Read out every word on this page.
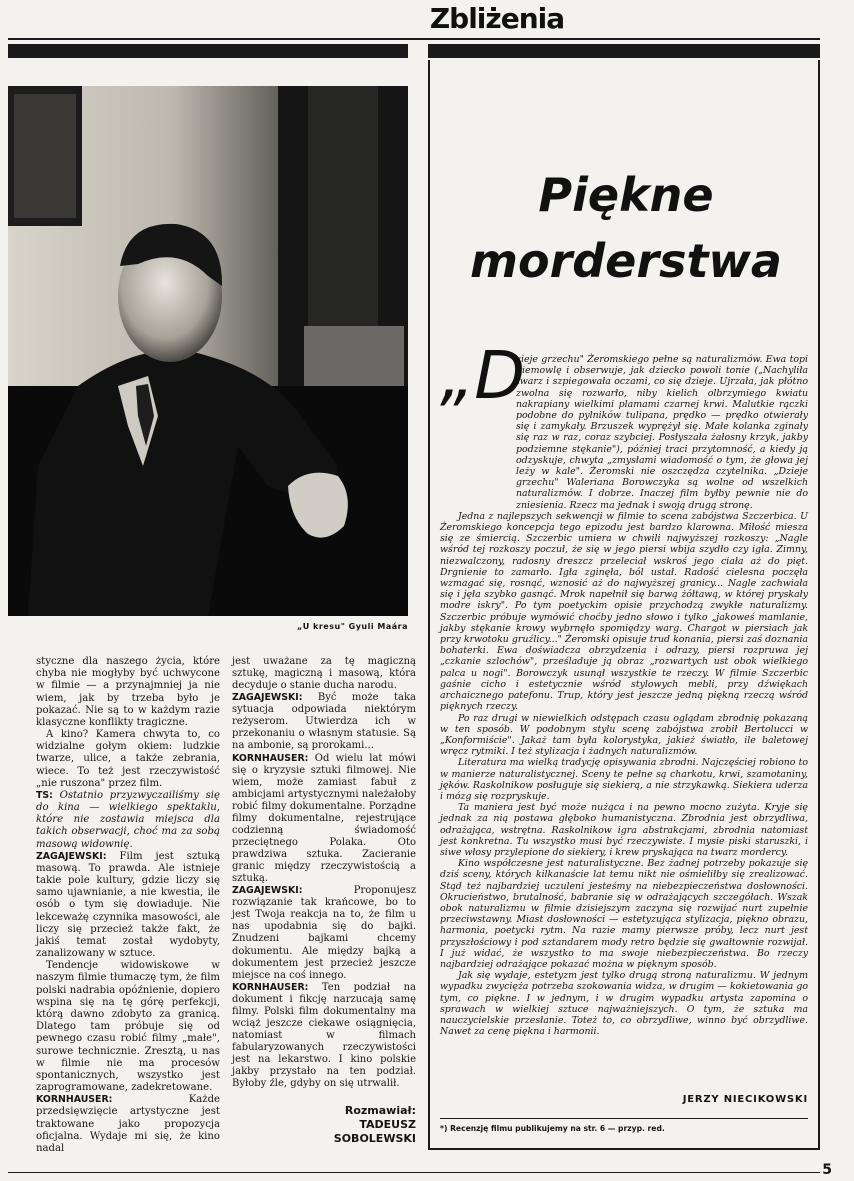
Zbliżenia
„U kresu" Gyuli Maára

styczne dla naszego życia, które chyba nie mogłyby być uchwycone w filmie — a przynajmniej ja nie wiem, jak by trzeba było je pokazać. Nie są to w każdym razie klasyczne konflikty tragiczne.

A kino? Kamera chwyta to, co widzialne gołym okiem: ludzkie twarze, ulice, a także zebrania, wiece. To też jest rzeczywistość „nie ruszona" przez film.

TS: Ostatnio przyzwyczailiśmy się do kina — wielkiego spektaklu, które nie zostawia miejsca dla takich obserwacji, choć ma za sobą masową widownię.

ZAGAJEWSKI: Film jest sztuką masową. To prawda. Ale istnieje takie pole kultury, gdzie liczy się samo ujawnianie, a nie kwestia, ile osób o tym się dowiaduje. Nie lekceważę czynnika masowości, ale liczy się przecież także fakt, że jakiś temat został wydobyty, zanalizowany w sztuce.

Tendencje widowiskowe w naszym filmie tłumaczę tym, że film polski nadrabia opóźnienie, dopiero wspina się na tę górę perfekcji, którą dawno zdobyto za granicą. Dlatego tam próbuje się od pewnego czasu robić filmy „małe", surowe technicznie. Zresztą, u nas w filmie nie ma procesów spontanicznych, wszystko jest zaprogramowane, zadekretowane.

KORNHAUSER:	Każde przedsięwzięcie artystyczne jest traktowane jako propozycja oficjalna. Wydaje mi się, że kino nadal

jest uważane za tę magiczną sztukę, magiczną i masową, która decyduje o stanie ducha narodu.

ZAGAJEWSKI: Być może taka sytuacja odpowiada niektórym reżyserom. Utwierdza ich w przekonaniu o własnym statusie. Są na ambonie, są prorokami...

KORNHAUSER: Od wielu lat mówi się o kryzysie sztuki filmowej. Nie wiem, może zamiast fabuł z ambicjami artystycznymi należałoby robić filmy dokumentalne. Porządne filmy dokumentalne, rejestrujące codzienną świadomość przeciętnego Polaka. Oto prawdziwa sztuka. Zacieranie granic między rzeczywistością a sztuką.

ZAGAJEWSKI:	Proponujesz rozwiązanie tak krańcowe, bo to jest Twoja reakcja na to, że film u nas upodabnia się do bajki. Znudzeni bajkami chcemy dokumentu. Ale między bajką a dokumentem jest przecież jeszcze miejsce na coś innego.

KORNHAUSER: Ten podział na dokument i fikcję narzucają samę filmy. Polski film dokumentalny ma wciąż jeszcze ciekawe osiągnięcia, natomiast w filmach fabularyzowanych rzeczywistości jest na lekarstwo. I kino polskie jakby przystało na ten podział. Byłoby źle, gdyby on się utrwalił.

Rozmawiał:
TADEUSZ SOBOLEWSKI
Piękne
morderstwa
„D

zieje grzechu" Żeromskiego pełne są naturalizmów. Ewa topi niemowlę i obserwuje, jak dziecko powoli tonie („Nachyliła twarz i szpiegowała oczami, co się dzieje. Ujrzała, jak płótno zwolna się rozwarło, niby kielich olbrzymiego kwiatu nakrapiany wielkimi plamami czarnej krwi. Malutkie rączki podobne do pylników tulipana, prędko — prędko otwierały się i zamykały. Brzuszek wyprężył się. Małe kolanka zginały się raz w raz, coraz szybciej. Posłyszała żałosny krzyk, jakby podziemne stękanie"), później traci przytomność, a kiedy ją odzyskuje, chwyta „zmysłami wiadomość o tym, że głowa jej leży w kale". Żeromski nie oszczędza czytelnika. „Dzieje grzechu" Waleriana Borowczyka są wolne od wszelkich naturalizmów. I dobrze. Inaczej film byłby pewnie nie do zniesienia. Rzecz ma jednak i swoją drugą stronę.

Jedna z najlepszych sekwencji w filmie to scena zabójstwa Szczerbica. U Żeromskiego koncepcja tego epizodu jest bardzo klarowna. Miłość miesza się ze śmiercią. Szczerbic umiera w chwili najwyższej rozkoszy: „Nagle wśród tej rozkoszy poczuł, że się w jego piersi wbija szydło czy igła. Zimny, niezwalczony, radosny dreszcz przeleciał wskroś jego ciała aż do pięt. Drgnienie to zamarło. Igła zginęła, ból ustał. Radość cielesna poczęła wzmagać się, rosnąć, wznosić aż do najwyższej granicy... Nagle zachwiała się i jęła szybko gasnąć. Mrok napełnił się barwą żółtawą, w której pryskały modre iskry". Po tym poetyckim opisie przychodzą zwykłe naturalizmy. Szczerbic próbuje wymówić choćby jedno słowo i tylko „jakoweś mamlanie, jakby stękanie krowy wybrnęło spomiędzy warg. Chargot w piersiach jak przy krwotoku gruźlicy..." Żeromski opisuje trud konania, piersi zaś doznania bohaterki. Ewa doświadcza obrzydzenia i odrazy, piersi rozpruwa jej „czkanie szlochów", prześladuje ją obraz „rozwartych ust obok wielkiego palca u nogi". Borowczyk usunął wszystkie te rzeczy. W filmie Szczerbic gaśnie cicho i estetycznie wśród stylowych mebli, przy dźwiękach archaicznego patefonu. Trup, który jest jeszcze jedną piękną rzeczą wśród pięknych rzeczy.

Po raz drugi w niewielkich odstępach czasu oglądam zbrodnię pokazaną w ten sposób. W podobnym stylu scenę zabójstwa zrobił Bertolucci w „Konformiście". Jakaż tam była kolorystyka, jakież światło, ile baletowej wręcz rytmiki. I też stylizacja i żadnych naturalizmów.

Literatura ma wielką tradycję opisywania zbrodni. Najczęściej robiono to w manierze naturalistycznej. Sceny te pełne są charkotu, krwi, szamotaniny, jęków. Raskolnikow posługuje się siekierą, a nie strzykawką. Siekiera uderza i mózg się rozpryskuje.

Ta maniera jest być może nużąca i na pewno mocno zużyta. Kryje się jednak za nią postawa głęboko humanistyczna. Zbrodnia jest obrzydliwa, odrażająca, wstrętna. Raskolnikow igra abstrakcjami, zbrodnia natomiast jest konkretna. Tu wszystko musi być rzeczywiste. I mysie piski staruszki, i siwe włosy przylepione do siekiery, i krew pryskająca na twarz mordercy.

Kino współczesne jest naturalistyczne. Bez żadnej potrzeby pokazuje się dziś sceny, których kilkanaście lat temu nikt nie ośmieliłby się zrealizować. Stąd też najbardziej uczuleni jesteśmy na niebezpieczeństwa dosłowności. Okrucieństwo, brutalność, babranie się w odrażających szczegółach. Wszak obok naturalizmu w filmie dzisiejszym zaczyna się rozwijać nurt zupełnie przeciwstawny. Miast dosłowności — estetyzująca stylizacja, piękno obrazu, harmonia, poetycki rytm. Na razie mamy pierwsze próby, lecz nurt jest przyszłościowy i pod sztandarem mody retro będzie się gwałtownie rozwijał. I już widać, że wszystko to ma swoje niebezpieczeństwa. Bo rzeczy najbardziej odrażające pokazać można w pięknym sposób.

Jak się wydaje, estetyzm jest tylko drugą stroną naturalizmu. W jednym wypadku zwycięża potrzeba szokowania widza, w drugim — kokietowania go tym, co piękne. I w jednym, i w drugim wypadku artysta zapomina o sprawach w wielkiej sztuce najważniejszych. O tym, że sztuka ma nauczycielskie przesłanie. Toteż to, co obrzydliwe, winno być obrzydliwe. Nawet za cenę piękna i harmonii.

JERZY NIECIKOWSKI
*) Recenzję filmu publikujemy na str. 6 — przyp. red.
5
